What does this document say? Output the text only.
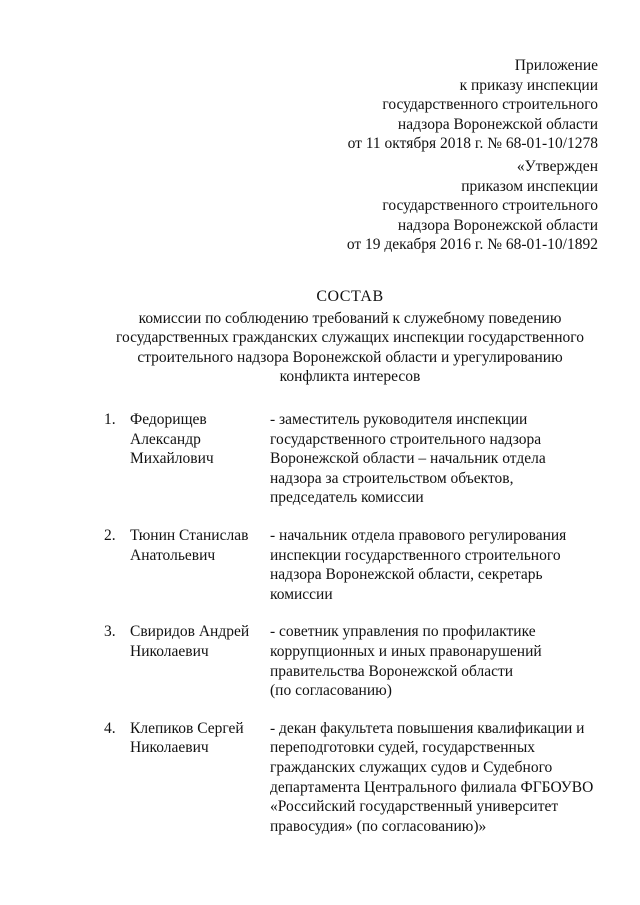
Приложение
к приказу инспекции
государственного строительного
надзора Воронежской области
от 11 октября 2018 г. № 68-01-10/1278
«Утвержден
приказом инспекции
государственного строительного
надзора Воронежской области
от 19 декабря 2016 г. № 68-01-10/1892
СОСТАВ
комиссии по соблюдению требований к служебному поведению
государственных гражданских служащих инспекции государственного
строительного надзора Воронежской области и урегулированию
конфликта интересов
1. Федорищев
Александр
Михайлович
- заместитель руководителя инспекции
государственного строительного надзора
Воронежской области – начальник отдела
надзора за строительством объектов,
председатель комиссии
2. Тюнин Станислав
Анатольевич
- начальник отдела правового регулирования
инспекции государственного строительного
надзора Воронежской области, секретарь
комиссии
3. Свиридов Андрей
Николаевич
- советник управления по профилактике
коррупционных и иных правонарушений
правительства Воронежской области
(по согласованию)
4. Клепиков Сергей
Николаевич
- декан факультета повышения квалификации и
переподготовки судей, государственных
гражданских служащих судов и Судебного
департамента Центрального филиала ФГБОУВО
«Российский государственный университет
правосудия» (по согласованию)»
